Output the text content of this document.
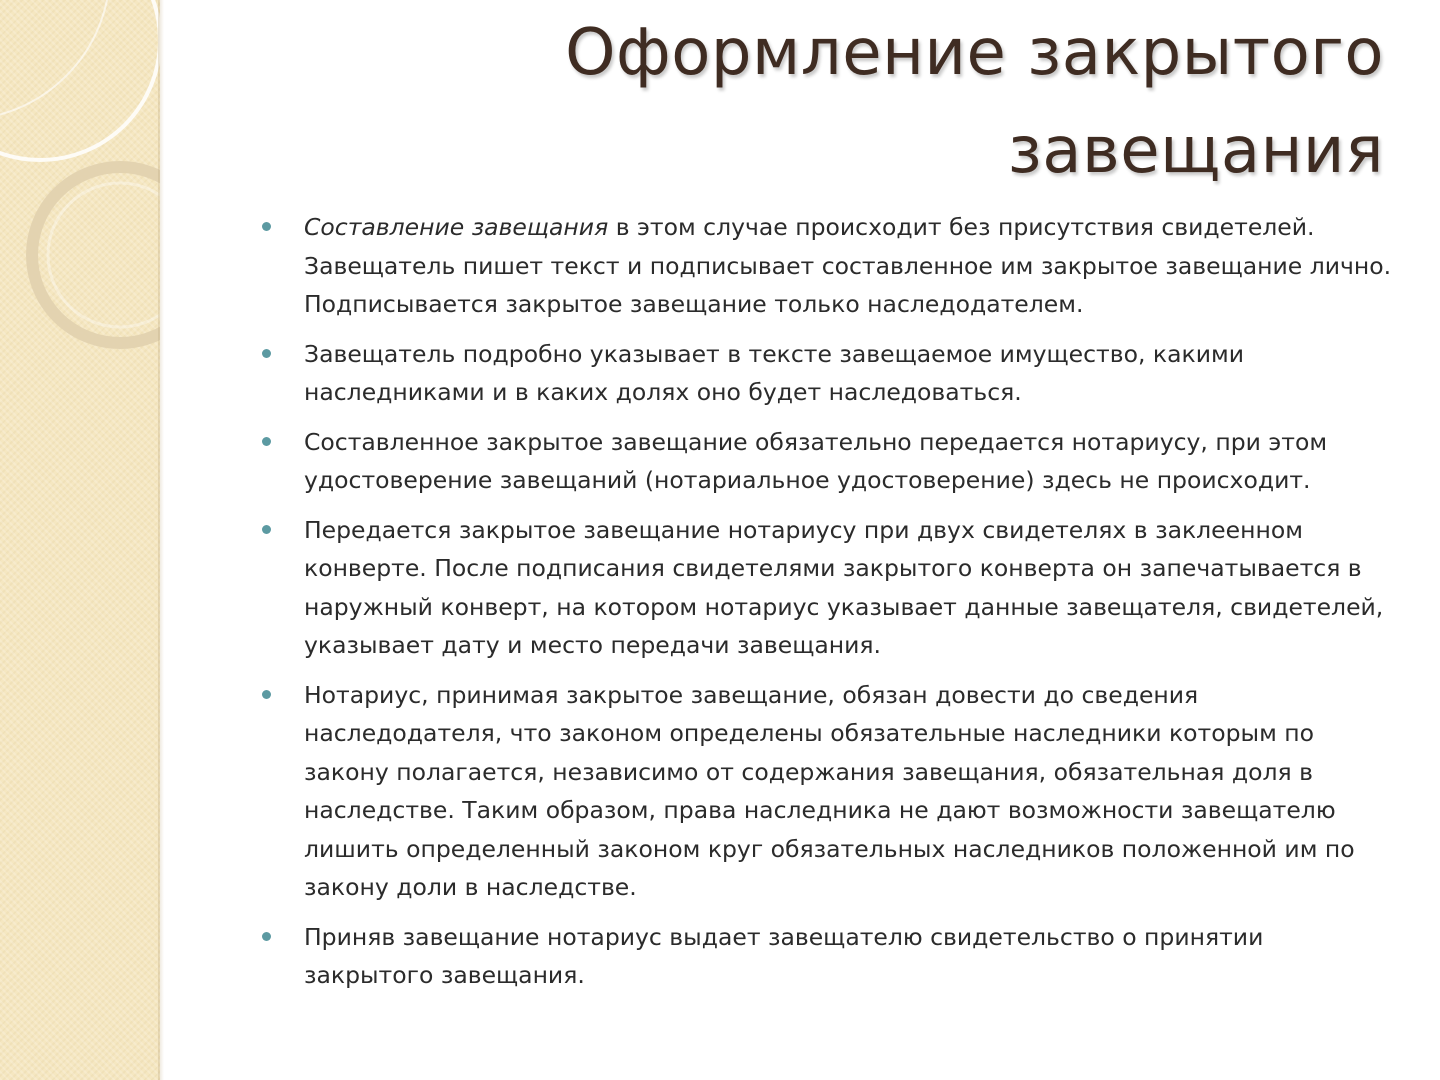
Оформление закрытого
завещания
Составление завещания в этом случае происходит без присутствия свидетелей. Завещатель пишет текст и подписывает составленное им закрытое завещание лично. Подписывается закрытое завещание только наследодателем.
Завещатель подробно указывает в тексте завещаемое имущество, какими наследниками и в каких долях оно будет наследоваться.
Составленное закрытое завещание обязательно передается нотариусу, при этом удостоверение завещаний (нотариальное удостоверение) здесь не происходит.
Передается закрытое завещание нотариусу при двух свидетелях в заклеенном конверте. После подписания свидетелями закрытого конверта он запечатывается в наружный конверт, на котором нотариус указывает данные завещателя, свидетелей, указывает дату и место передачи завещания.
Нотариус, принимая закрытое завещание, обязан довести до сведения наследодателя, что законом определены обязательные наследники которым по закону полагается, независимо от содержания завещания, обязательная доля в наследстве. Таким образом, права наследника не дают возможности завещателю лишить определенный законом круг обязательных наследников положенной им по закону доли в наследстве.
Приняв завещание нотариус выдает завещателю свидетельство о принятии закрытого завещания.
